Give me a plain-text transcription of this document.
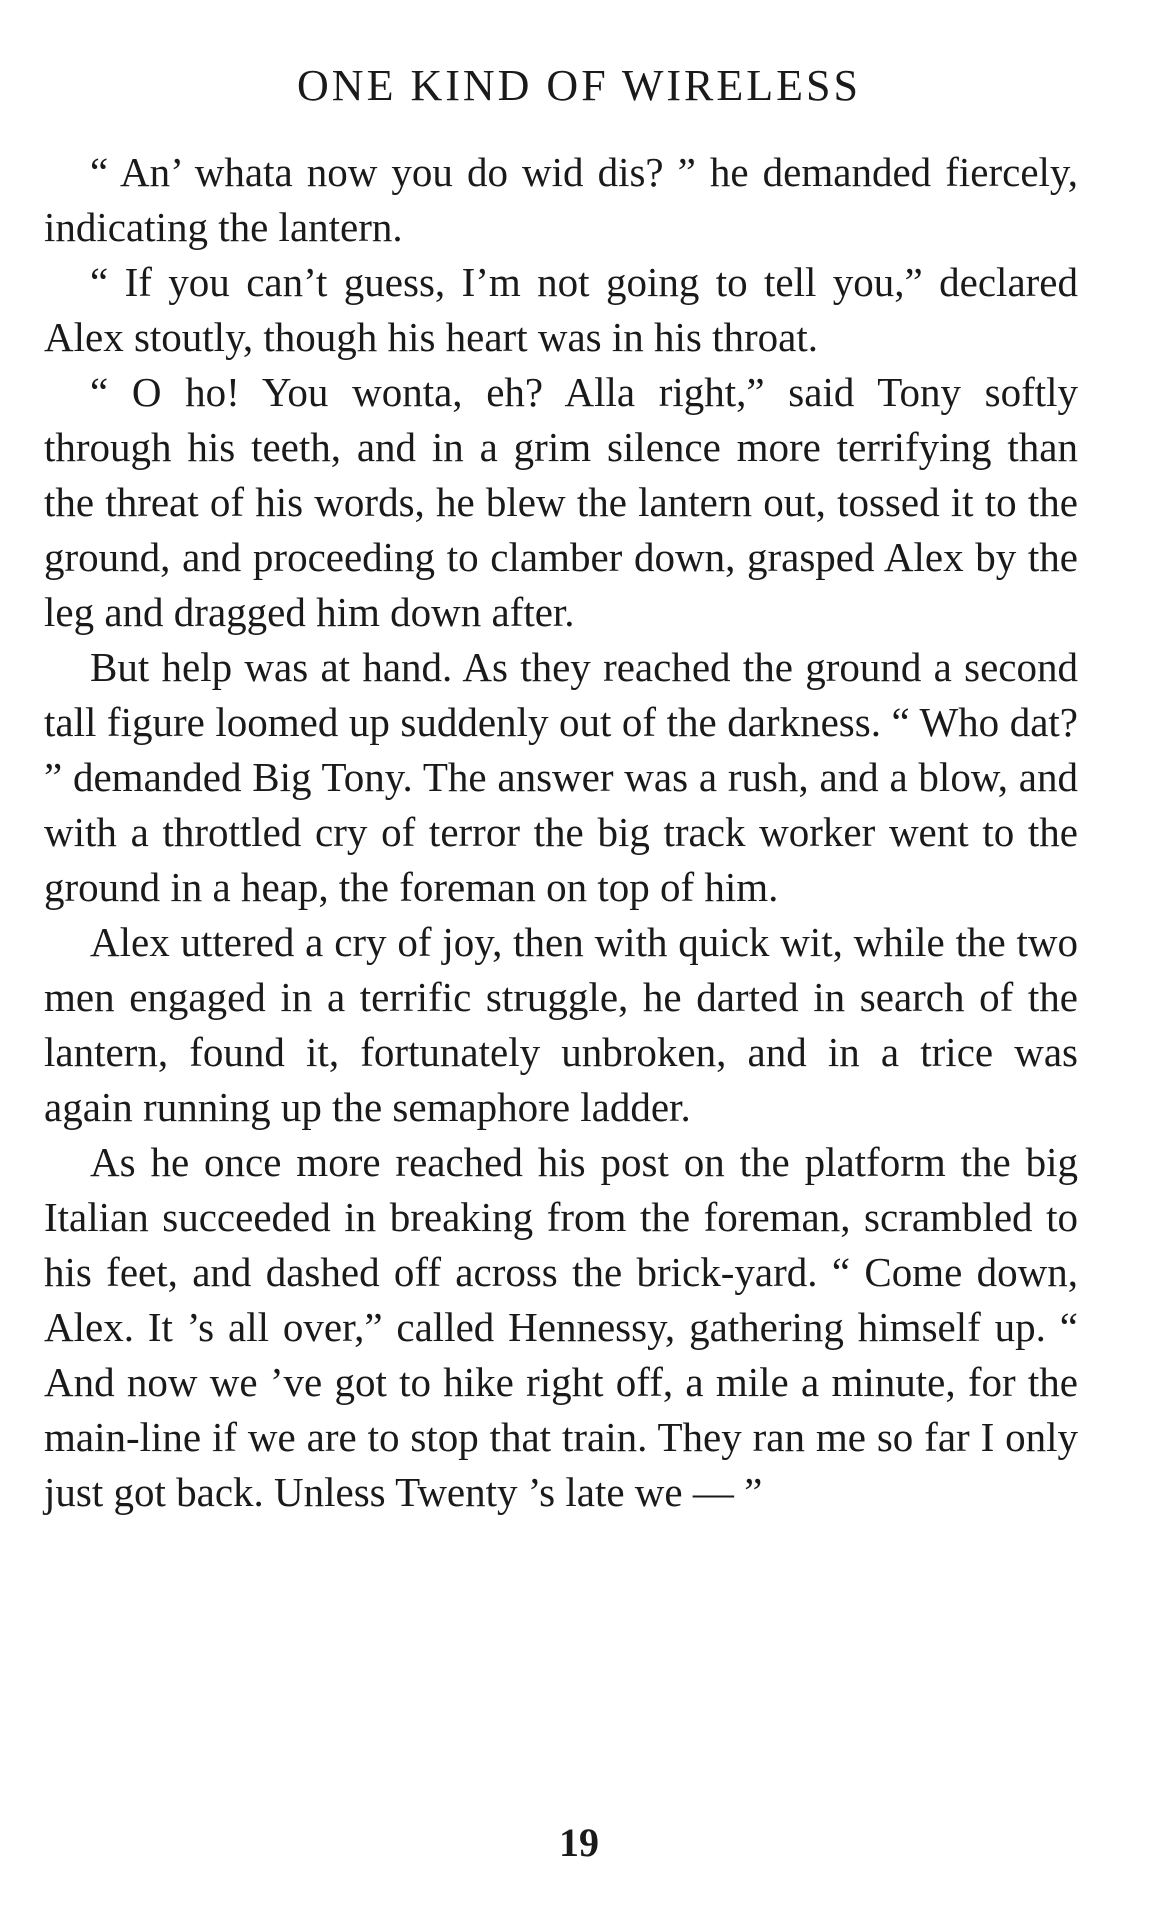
ONE KIND OF WIRELESS

“ An’ whata now you do wid dis? ” he demanded fiercely, indicating the lantern.

“ If you can’t guess, I’m not going to tell you,” declared Alex stoutly, though his heart was in his throat.

“ O ho! You wonta, eh? Alla right,” said Tony softly through his teeth, and in a grim silence more terrifying than the threat of his words, he blew the lantern out, tossed it to the ground, and proceeding to clamber down, grasped Alex by the leg and dragged him down after.

But help was at hand. As they reached the ground a second tall figure loomed up suddenly out of the darkness. “ Who dat? ” demanded Big Tony. The answer was a rush, and a blow, and with a throttled cry of terror the big track worker went to the ground in a heap, the foreman on top of him.

Alex uttered a cry of joy, then with quick wit, while the two men engaged in a terrific struggle, he darted in search of the lantern, found it, fortunately unbroken, and in a trice was again running up the semaphore ladder.

As he once more reached his post on the platform the big Italian succeeded in breaking from the foreman, scrambled to his feet, and dashed off across the brick-yard. “ Come down, Alex. It ’s all over,” called Hennessy, gathering himself up. “ And now we ’ve got to hike right off, a mile a minute, for the main-line if we are to stop that train. They ran me so far I only just got back. Unless Twenty ’s late we — ”

19
